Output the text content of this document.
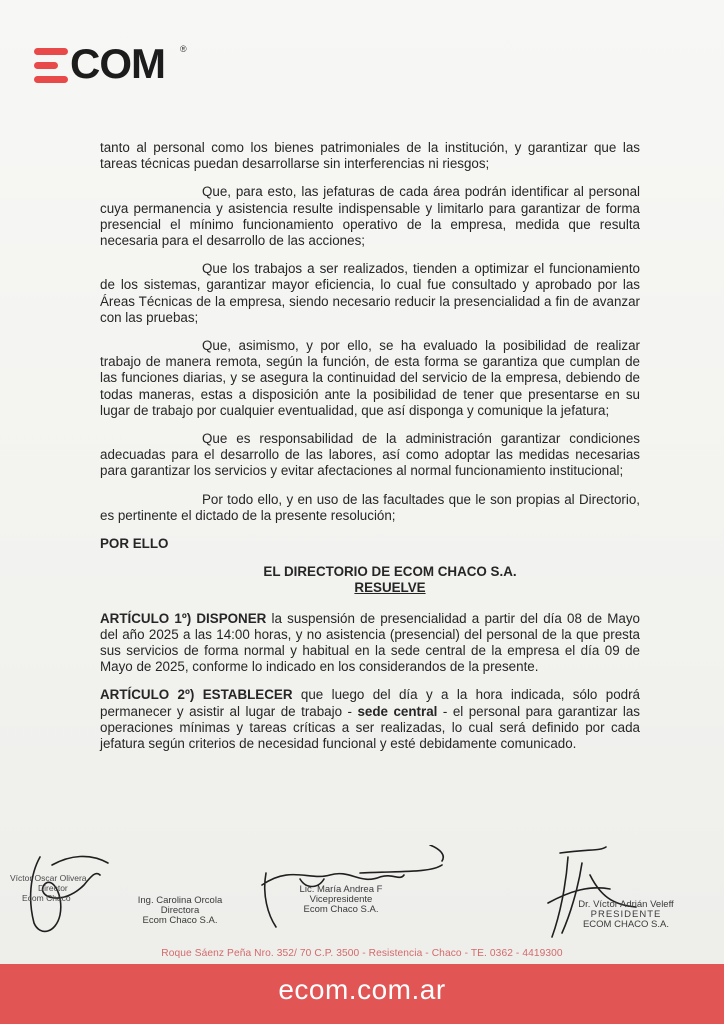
COM ®

tanto al personal como los bienes patrimoniales de la institución, y garantizar que las tareas técnicas puedan desarrollarse sin interferencias ni riesgos;

Que, para esto, las jefaturas de cada área podrán identificar al personal cuya permanencia y asistencia resulte indispensable y limitarlo para garantizar de forma presencial el mínimo funcionamiento operativo de la empresa, medida que resulta necesaria para el desarrollo de las acciones;

Que los trabajos a ser realizados, tienden a optimizar el funcionamiento de los sistemas, garantizar mayor eficiencia, lo cual fue consultado y aprobado por las Áreas Técnicas de la empresa, siendo necesario reducir la presencialidad a fin de avanzar con las pruebas;

Que, asimismo, y por ello, se ha evaluado la posibilidad de realizar trabajo de manera remota, según la función, de esta forma se garantiza que cumplan de las funciones diarias, y se asegura la continuidad del servicio de la empresa, debiendo de todas maneras, estas a disposición ante la posibilidad de tener que presentarse en su lugar de trabajo por cualquier eventualidad, que así disponga y comunique la jefatura;

Que es responsabilidad de la administración garantizar condiciones adecuadas para el desarrollo de las labores, así como adoptar las medidas necesarias para garantizar los servicios y evitar afectaciones al normal funcionamiento institucional;

Por todo ello, y en uso de las facultades que le son propias al Directorio, es pertinente el dictado de la presente resolución;

POR ELLO

EL DIRECTORIO DE ECOM CHACO S.A.

RESUELVE

ARTÍCULO 1º) DISPONER la suspensión de presencialidad a partir del día 08 de Mayo del año 2025 a las 14:00 horas, y no asistencia (presencial) del personal de la que presta sus servicios de forma normal y habitual en la sede central de la empresa el día 09 de Mayo de 2025, conforme lo indicado en los considerandos de la presente.

ARTÍCULO 2º) ESTABLECER que luego del día y a la hora indicada, sólo podrá permanecer y asistir al lugar de trabajo - sede central - el personal para garantizar las operaciones mínimas y tareas críticas a ser realizadas, lo cual será definido por cada jefatura según criterios de necesidad funcional y esté debidamente comunicado.

Víctor Oscar Olivera
Director
Ecom Chaco	Ing. Carolina Orcola
Directora
Ecom Chaco S.A.
Lic. María Andrea F
Vicepresidente
Ecom Chaco S.A.	Dr. Víctor Adrián Veleff
PRESIDENTE
ECOM CHACO S.A.
Roque Sáenz Peña Nro. 352/ 70 C.P. 3500 - Resistencia - Chaco - TE. 0362 - 4419300
ecom.com.ar
